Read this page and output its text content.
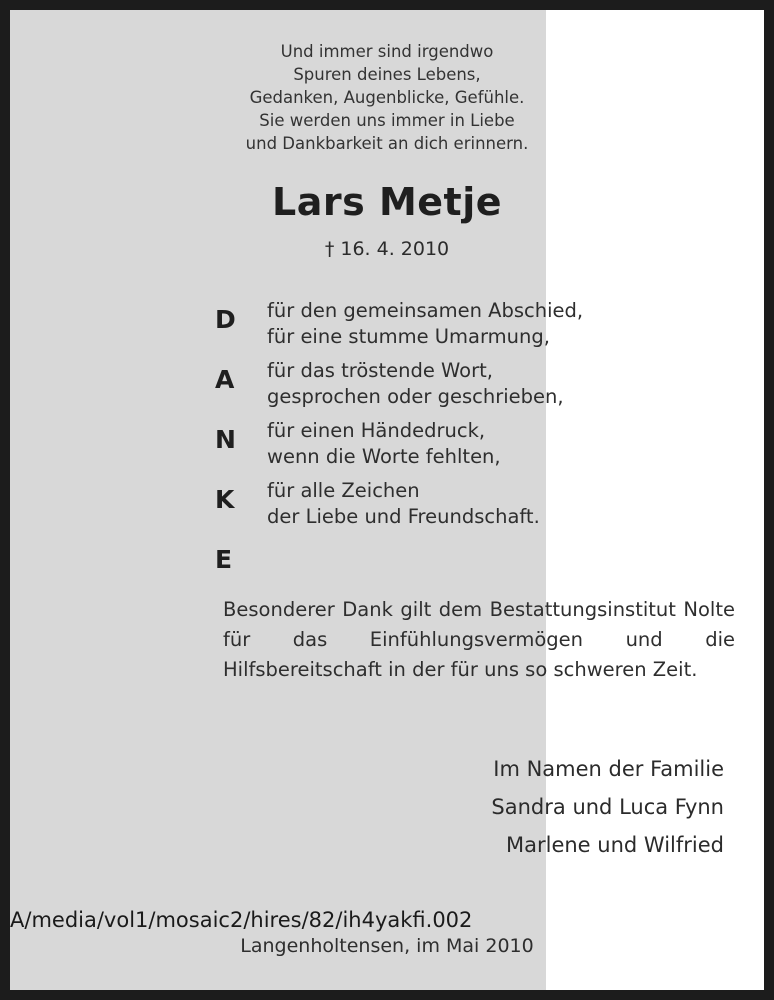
Und immer sind irgendwo
Spuren deines Lebens,
Gedanken, Augenblicke, Gefühle.
Sie werden uns immer in Liebe
und Dankbarkeit an dich erinnern.
Lars Metje
† 16. 4. 2010
D	für den gemeinsamen Abschied,
für eine stumme Umarmung,
A	für das tröstende Wort,
gesprochen oder geschrieben,
N	für einen Händedruck,
wenn die Worte fehlten,
K	für alle Zeichen
der Liebe und Freundschaft.
E
Besonderer Dank gilt dem Bestattungsinstitut Nolte für das Einfühlungsvermögen und die Hilfsbereitschaft in der für uns so schweren Zeit.
Im Namen der Familie
Sandra und Luca Fynn
Marlene und Wilfried
A/media/vol1/mosaic2/hires/82/ih4yakfi.002
Langenholtensen, im Mai 2010
